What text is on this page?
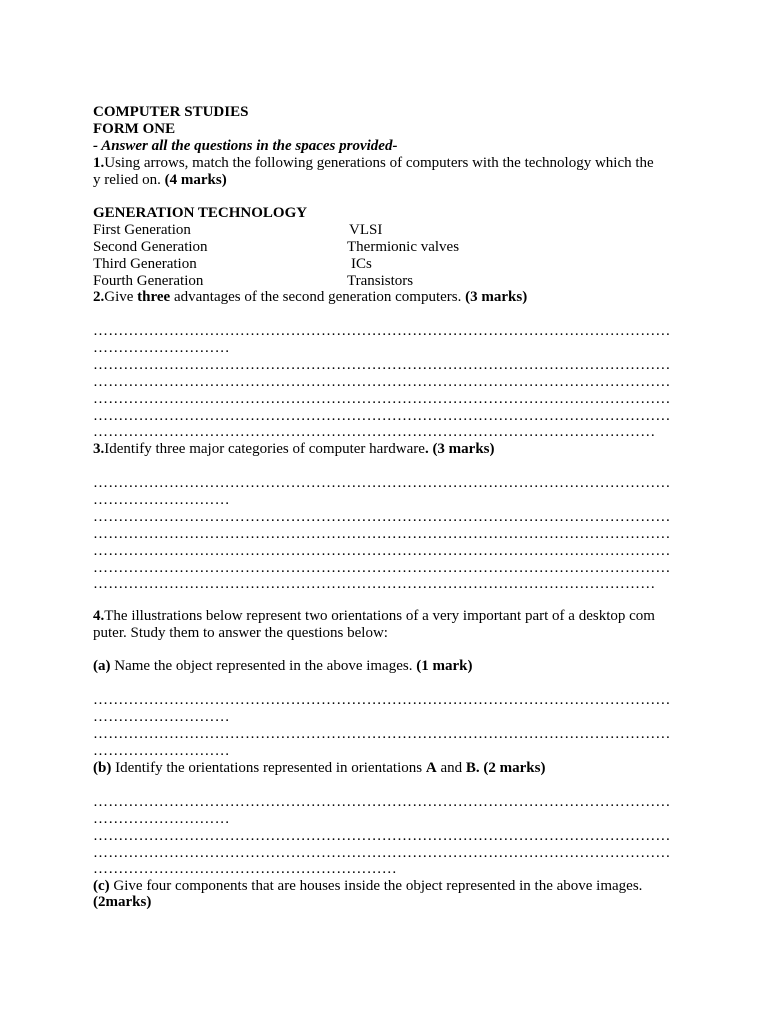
COMPUTER STUDIES
FORM ONE
- Answer all the questions in the spaces provided-
1.Using arrows, match the following generations of computers with the technology which the
y relied on. (4 marks)
GENERATION TECHNOLOGY
First Generation	VLSI
Second Generation	Thermionic valves
Third Generation	ICs
Fourth Generation	Transistors
2.Give three advantages of the second generation computers. (3 marks)
……………………………………………………………………………………………………
………………………
……………………………………………………………………………………………………
……………………………………………………………………………………………………
……………………………………………………………………………………………………
……………………………………………………………………………………………………
…………………………………………………………………………………………………
3.Identify three major categories of computer hardware. (3 marks)
……………………………………………………………………………………………………
………………………
……………………………………………………………………………………………………
……………………………………………………………………………………………………
……………………………………………………………………………………………………
……………………………………………………………………………………………………
…………………………………………………………………………………………………
4.The illustrations below represent two orientations of a very important part of a desktop com
puter. Study them to answer the questions below:
(a) Name the object represented in the above images. (1 mark)
……………………………………………………………………………………………………
………………………
……………………………………………………………………………………………………
………………………
(b) Identify the orientations represented in orientations A and B. (2 marks)
……………………………………………………………………………………………………
………………………
……………………………………………………………………………………………………
……………………………………………………………………………………………………
……………………………………………………
(c) Give four components that are houses inside the object represented in the above images.
(2marks)
